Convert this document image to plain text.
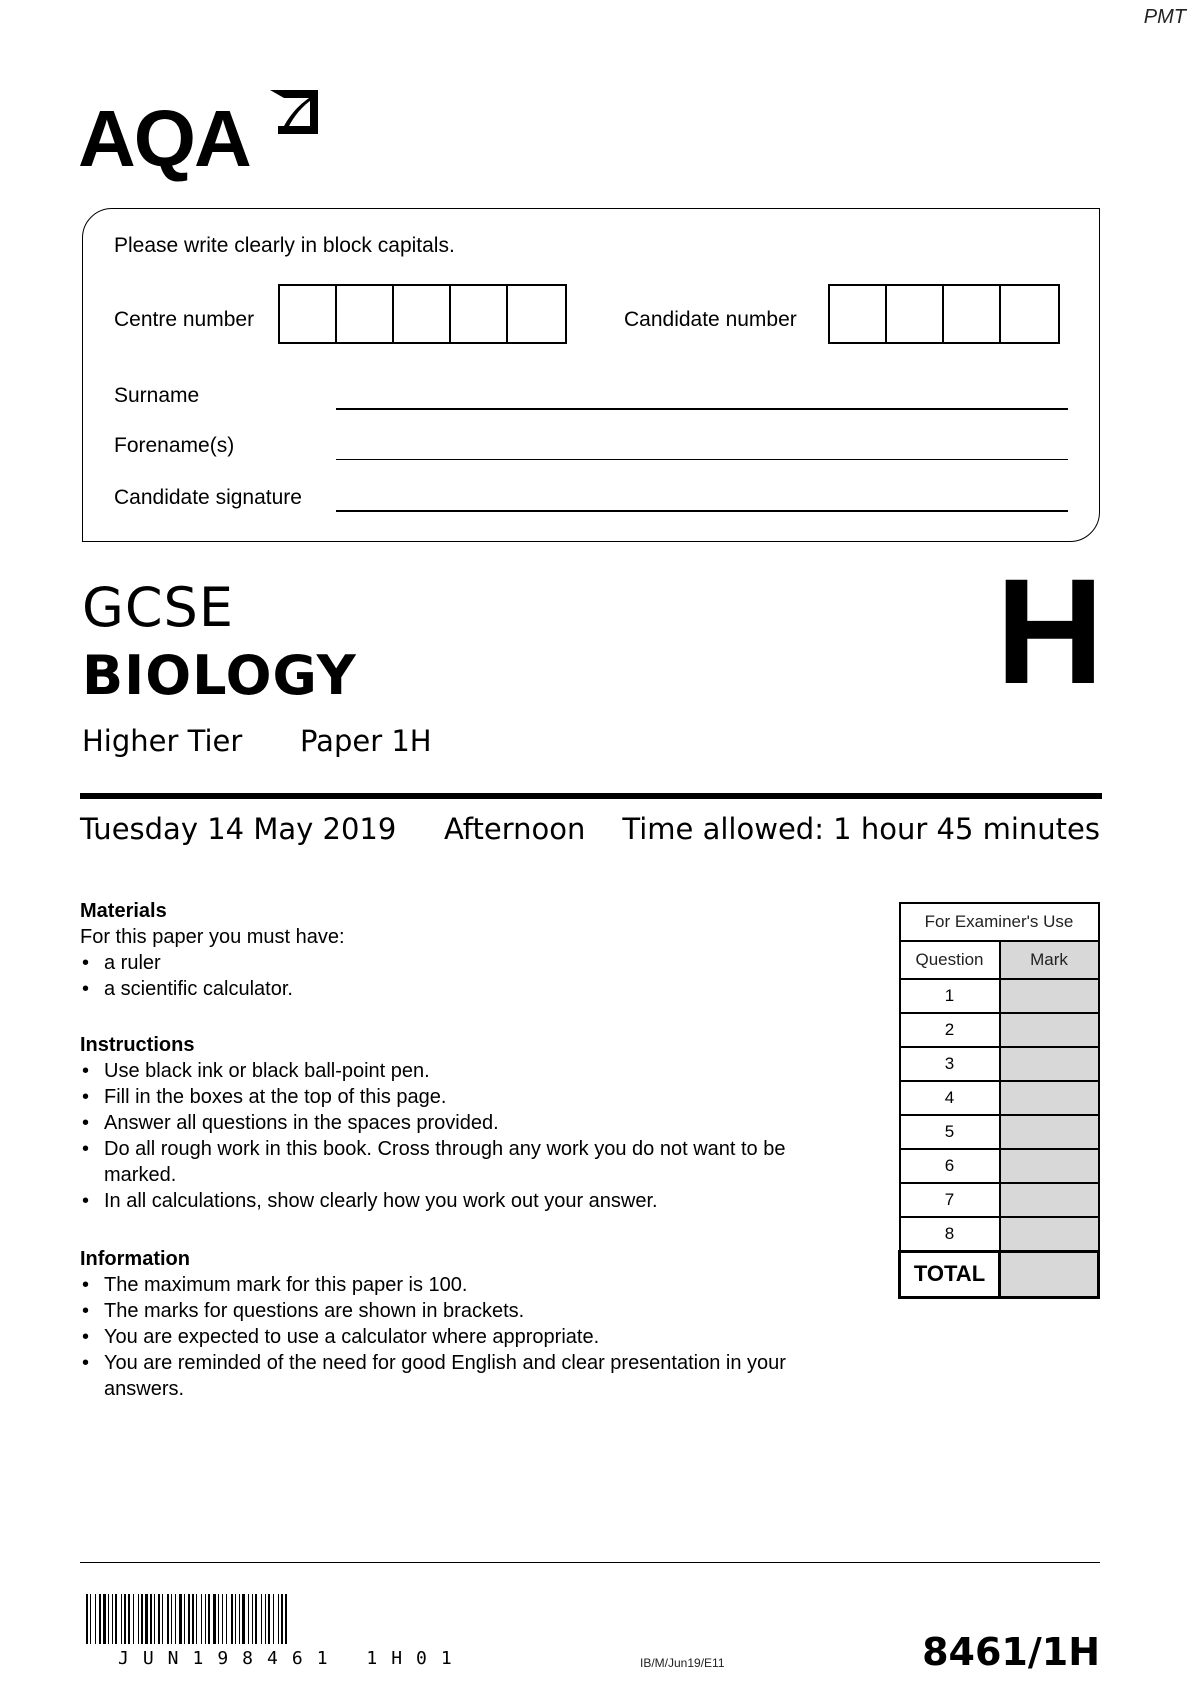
PMT
AQA
Please write clearly in block capitals.
Centre number	Candidate number
Surname
Forename(s)
Candidate signature
GCSE
BIOLOGY	H
Higher Tier Paper 1H
Tuesday 14 May 2019 Afternoon Time allowed: 1 hour 45 minutes
Materials
For this paper you must have:
• a ruler
• a scientific calculator.
Instructions
• Use black ink or black ball-point pen.
• Fill in the boxes at the top of this page.
• Answer all questions in the spaces provided.
• Do all rough work in this book. Cross through any work you do not want to be marked.
• In all calculations, show clearly how you work out your answer.
Information
• The maximum mark for this paper is 100.
• The marks for questions are shown in brackets.
• You are expected to use a calculator where appropriate.
• You are reminded of the need for good English and clear presentation in your answers.
For Examiner's Use	
Question	Mark
1	
2	
3	
4	
5	
6	
7	
8	
TOTAL	
JUN198461 1H01	IB/M/Jun19/E11	8461/1H
